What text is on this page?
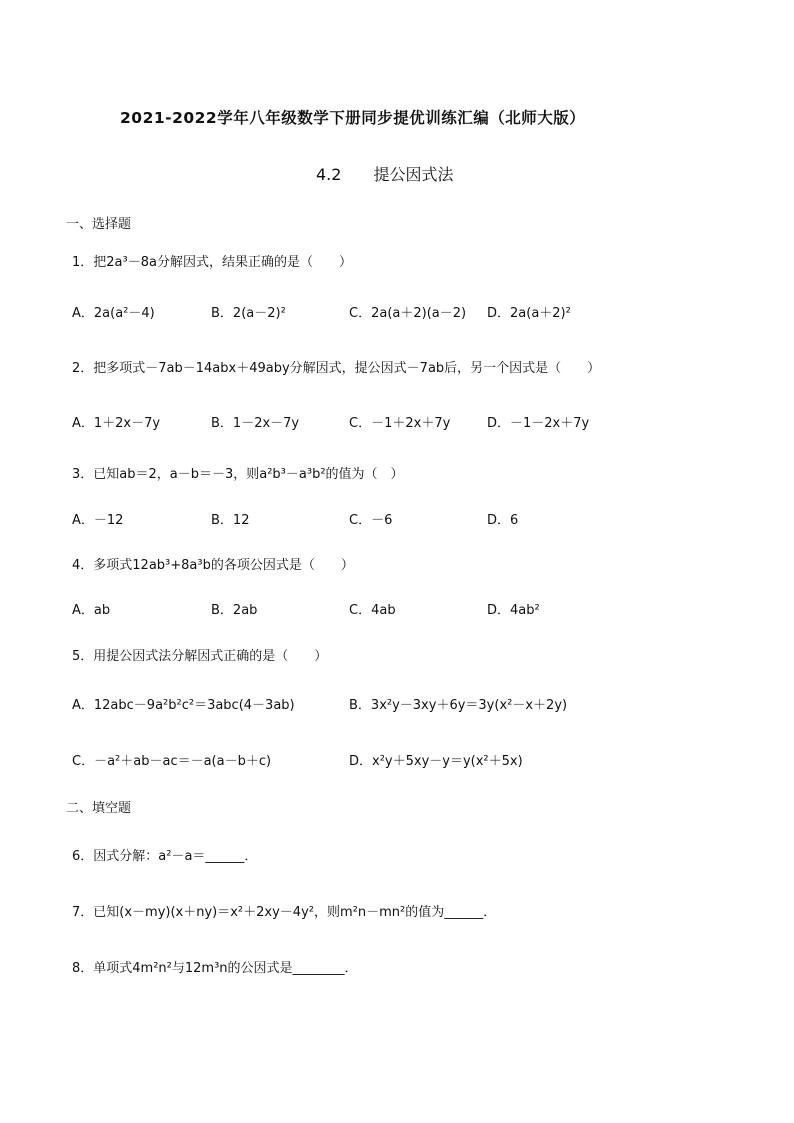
2021-2022学年八年级数学下册同步提优训练汇编（北师大版）
4.2　　提公因式法
一、选择题
1．把2a³－8a分解因式，结果正确的是（　　）
A．2a(a²－4)	B．2(a－2)²	C．2a(a＋2)(a－2) D．2a(a＋2)²
2．把多项式－7ab－14abx＋49aby分解因式，提公因式－7ab后，另一个因式是（　　）
A．1＋2x－7y	B．1－2x－7y	C．－1＋2x＋7y	D．－1－2x＋7y
3．已知ab＝2，a－b＝－3，则a²b³－a³b²的值为（　）
A．－12	B．12	C．－6	D．6
4．多项式12ab³+8a³b的各项公因式是（　　）
A．ab	B．2ab	C．4ab	D．4ab²
5．用提公因式法分解因式正确的是（　　）
A．12abc－9a²b²c²＝3abc(4－3ab)	B．3x²y－3xy＋6y＝3y(x²－x＋2y)
C．－a²＋ab－ac＝－a(a－b＋c)	D．x²y＋5xy－y＝y(x²＋5x)
二、填空题
6．因式分解：a²－a＝______．
7．已知(x－my)(x＋ny)＝x²＋2xy－4y²，则m²n－mn²的值为______．
8．单项式4m²n²与12m³n的公因式是________．
